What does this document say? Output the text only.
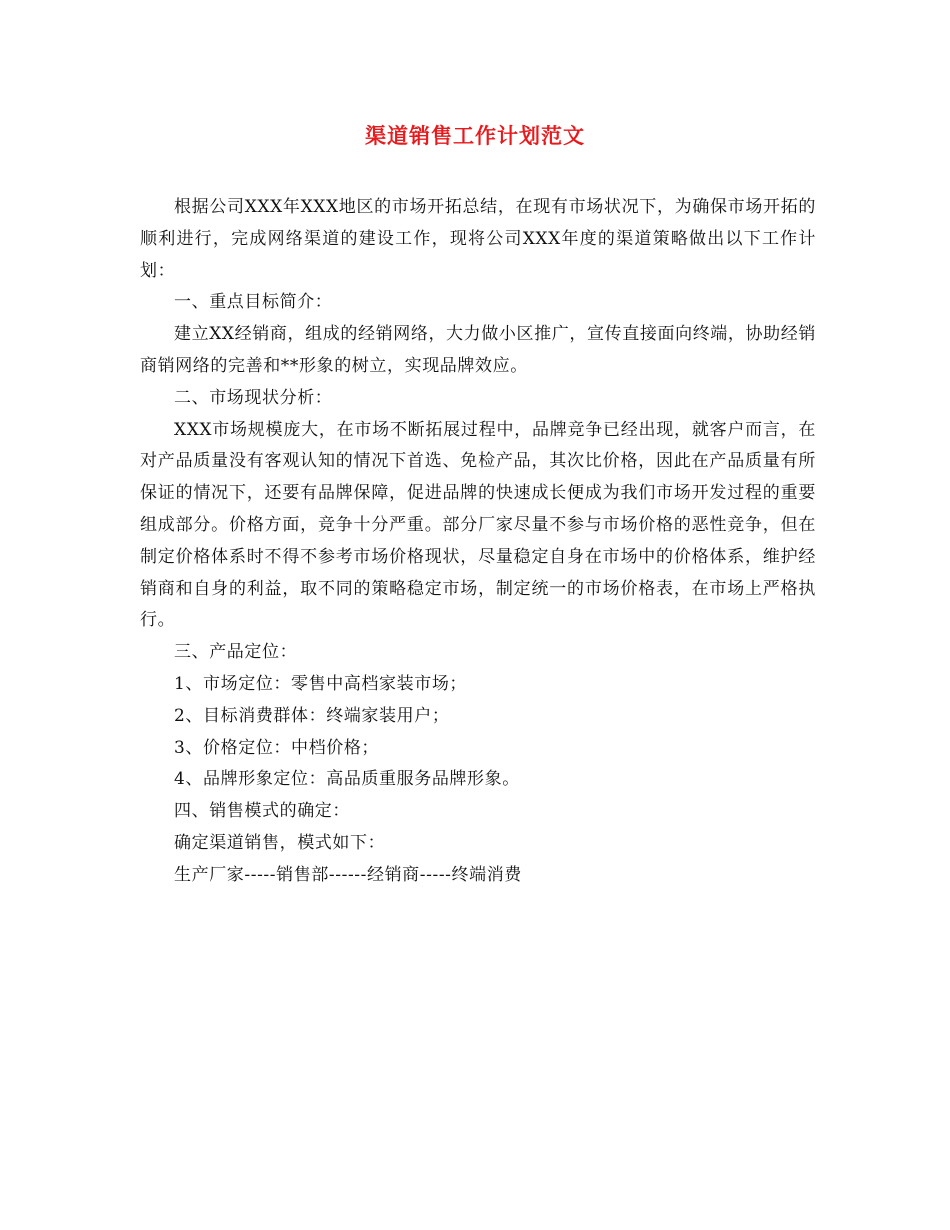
渠道销售工作计划范文

根据公司XXX年XXX地区的市场开拓总结，在现有市场状况下，为确保市场开拓的顺利进行，完成网络渠道的建设工作，现将公司XXX年度的渠道策略做出以下工作计划：

一、重点目标简介：

建立XX经销商，组成的经销网络，大力做小区推广，宣传直接面向终端，协助经销商销网络的完善和**形象的树立，实现品牌效应。

二、市场现状分析：

XXX市场规模庞大，在市场不断拓展过程中，品牌竞争已经出现，就客户而言，在对产品质量没有客观认知的情况下首选、免检产品，其次比价格，因此在产品质量有所保证的情况下，还要有品牌保障，促进品牌的快速成长便成为我们市场开发过程的重要组成部分。价格方面，竞争十分严重。部分厂家尽量不参与市场价格的恶性竞争，但在制定价格体系时不得不参考市场价格现状，尽量稳定自身在市场中的价格体系，维护经销商和自身的利益，取不同的策略稳定市场，制定统一的市场价格表，在市场上严格执行。

三、产品定位：

1、市场定位：零售中高档家装市场；

2、目标消费群体：终端家装用户；

3、价格定位：中档价格；

4、品牌形象定位：高品质重服务品牌形象。

四、销售模式的确定：

确定渠道销售，模式如下：

生产厂家-----销售部------经销商-----终端消费
